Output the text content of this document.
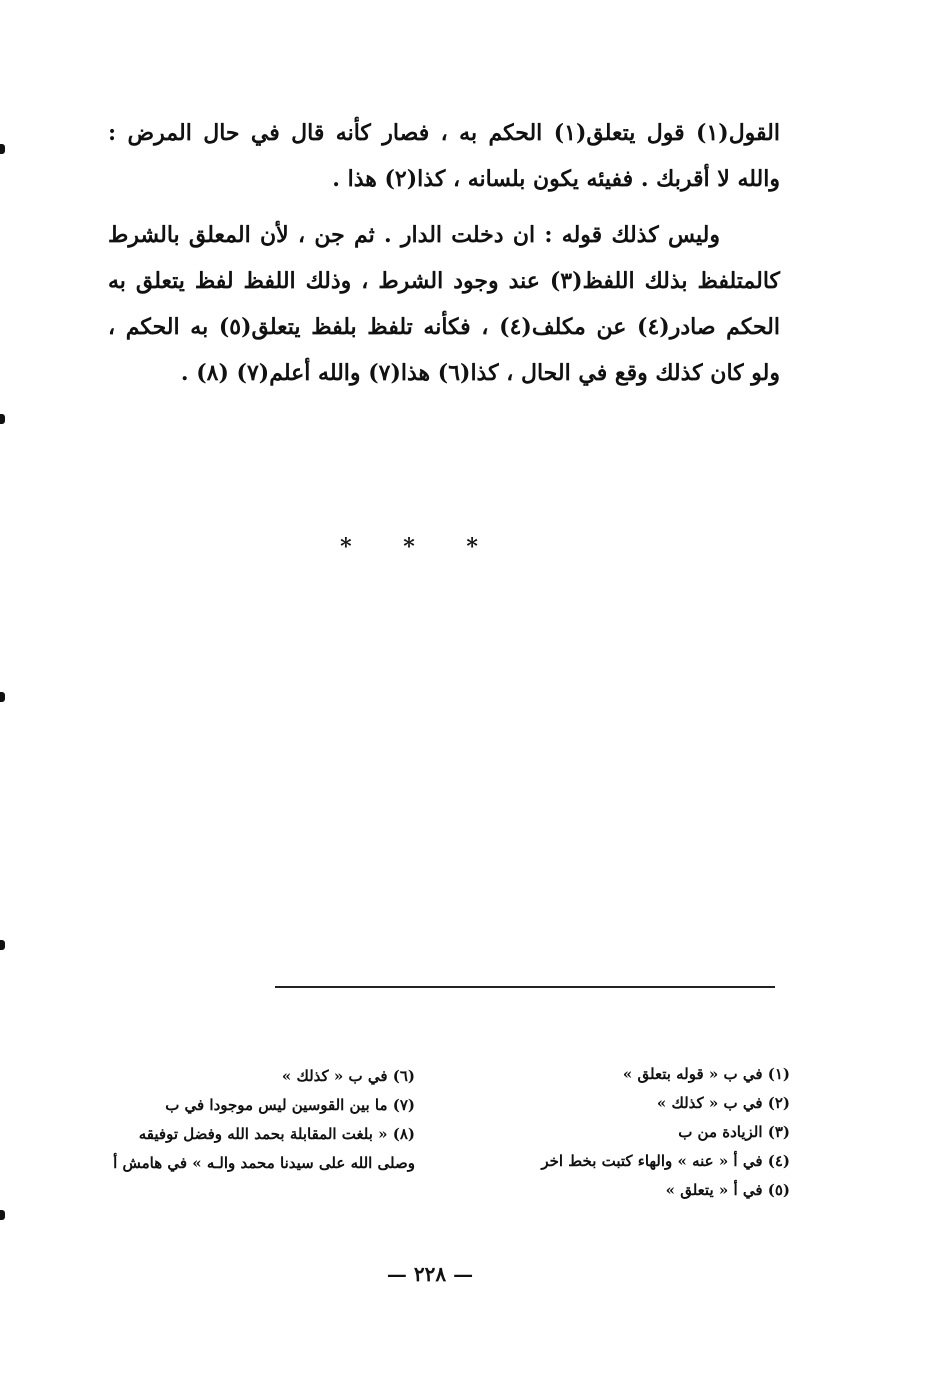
القول(١) قول يتعلق(١) الحكم به ، فصار كأنه قال في حال المرض : والله لا أقربك . ففيئه يكون بلسانه ، كذا(٢) هذا .

وليس كذلك قوله : ان دخلت الدار . ثم جن ، لأن المعلق بالشرط كالمتلفظ بذلك اللفظ(٣) عند وجود الشرط ، وذلك اللفظ لفظ يتعلق به الحكم صادر(٤) عن مكلف(٤) ، فكأنه تلفظ بلفظ يتعلق(٥) به الحكم ، ولو كان كذلك وقع في الحال ، كذا(٦) هذا(٧) والله أعلم(٧) (٨) .

* * *
(١) في ب « قوله بتعلق »
(٢) في ب « كذلك »
(٣) الزيادة من ب
(٤) في أ « عنه » والهاء كتبت بخط اخر
(٥) في أ « يتعلق »
(٦) في ب « كذلك »
(٧) ما بين القوسين ليس موجودا في ب
(٨) « بلغت المقابلة بحمد الله وفضل توفيقه وصلى الله على سيدنا محمد والـه » في هامش أ
— ٢٢٨ —
